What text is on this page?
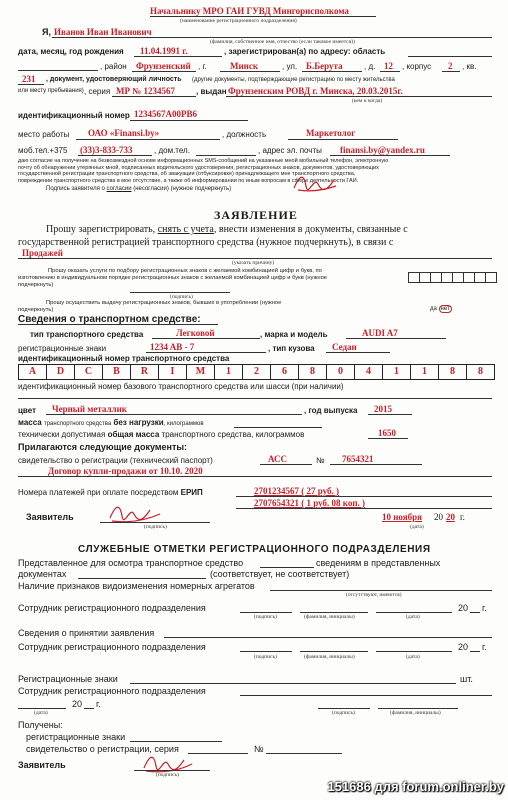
Начальнику МРО ГАИ ГУВД Мингорисполкома
(наименование регистрационного подразделения)
Я, Иванов Иван Иванович
(фамилия, собственное имя, отчество (если таковое имеется))
дата, месяц, год рождения 11.04.1991 г.	, зарегистрирован(а) по адресу: область
, район Фрунзенский , г.	Минск	, ул. Б.Берута	, д. 12 , корпус 2 , кв.
231 , документ, удостоверяющий личность (другие документы, подтверждающие регистрацию по месту жительства
или месту пребывания) , серия МР № 1234567	, выдан Фрунзенским РОВД г. Минска, 20.03.2015г.
(кем и когда)
идентификационный номер 1234567A00PB6
место работы ОАО «Finansi.by»	, должность	Маркетолог
моб.тел.+375 (33)3-833-733	, дом.тел.	, адрес эл. почты finansi.by@yandex.ru
даю согласие на получение на безвозмездной основе информационных SMS-сообщений на указанные мной мобильный телефон, электронную
почту об обнаружении утерянных мной, подписанных водительского удостоверения, регистрационных знаков, документов, удостоверяющих
государственной регистрации транспортного средства, об эвакуации (отбуксировке) принадлежащего мне транспортного средства,
повреждении транспортного средства в мое отсутствие, а также об информировании по иным вопросам в сфере деятельности ГАИ.
Подпись заявителя о согласии (несогласии) (нужное подчеркнуть)
ЗАЯВЛЕНИЕ
Прошу зарегистрировать, снять с учета, внести изменения в документы, связанные с
государственной регистрацией транспортного средства (нужное подчеркнуть), в связи с
Продажей
(указать причину)
Прошу оказать услуги по подбору регистрационных знаков с желаемой комбинацией цифр и букв, по
изготовлению в индивидуальном порядке регистрационных знаков с желаемой комбинацией цифр и букв (нужное
подчеркнуть)
(подпись)
Прошу осуществить выдачу регистрационных знаков, бывших в употреблении (нужное
подчеркнуть)	да нет
Сведения о транспортном средстве:
тип транспортного средства	Легковой	, марка и модель	AUDI A7
регистрационные знаки	1234 AB - 7	, тип кузова Седан
идентификационный номер транспортного средства
A	D	C	B	R	I	M	1	2	6	8	0	4	1	1	8	8
идентификационный номер базового транспортного средства или шасси (при наличии)
цвет Черный металлик	, год выпуска 2015
масса транспортного средства без нагрузки, килограммов
технически допустимая общая масса транспортного средства, килограммов	1650
Прилагаются следующие документы:
свидетельство о регистрации (технический паспорт)	АСС	№ 7654321
Договор купли-продажи от 10.10. 2020
Номера платежей при оплате посредством ЕРИП	2701234567 ( 27 руб. )
2707654321 ( 1 руб. 08 коп. )
Заявитель
(подпись)
10 ноября 20 20 г.
(дата)
СЛУЖЕБНЫЕ ОТМЕТКИ РЕГИСТРАЦИОННОГО ПОДРАЗДЕЛЕНИЯ
Представленное для осмотра транспортное средство	сведениям в представленных
документах	(соответствует, не соответствует)
Наличие признаков видоизменения номерных агрегатов
(отсутствуют, имеются)
Сотрудник регистрационного подразделения	20 г.
(подпись)	(фамилия, инициалы)	(дата)
Сведения о принятии заявления
Сотрудник регистрационного подразделения	20 г.
(подпись)	(фамилия, инициалы)	(дата)
Регистрационные знаки	шт.
Сотрудник регистрационного подразделения
20 г.
(дата)	(подпись)	(фамилия, инициалы)
Получены:
регистрационные знаки
свидетельство о регистрации, серия	№
Заявитель
(подпись)
151686 для forum.onliner.by
